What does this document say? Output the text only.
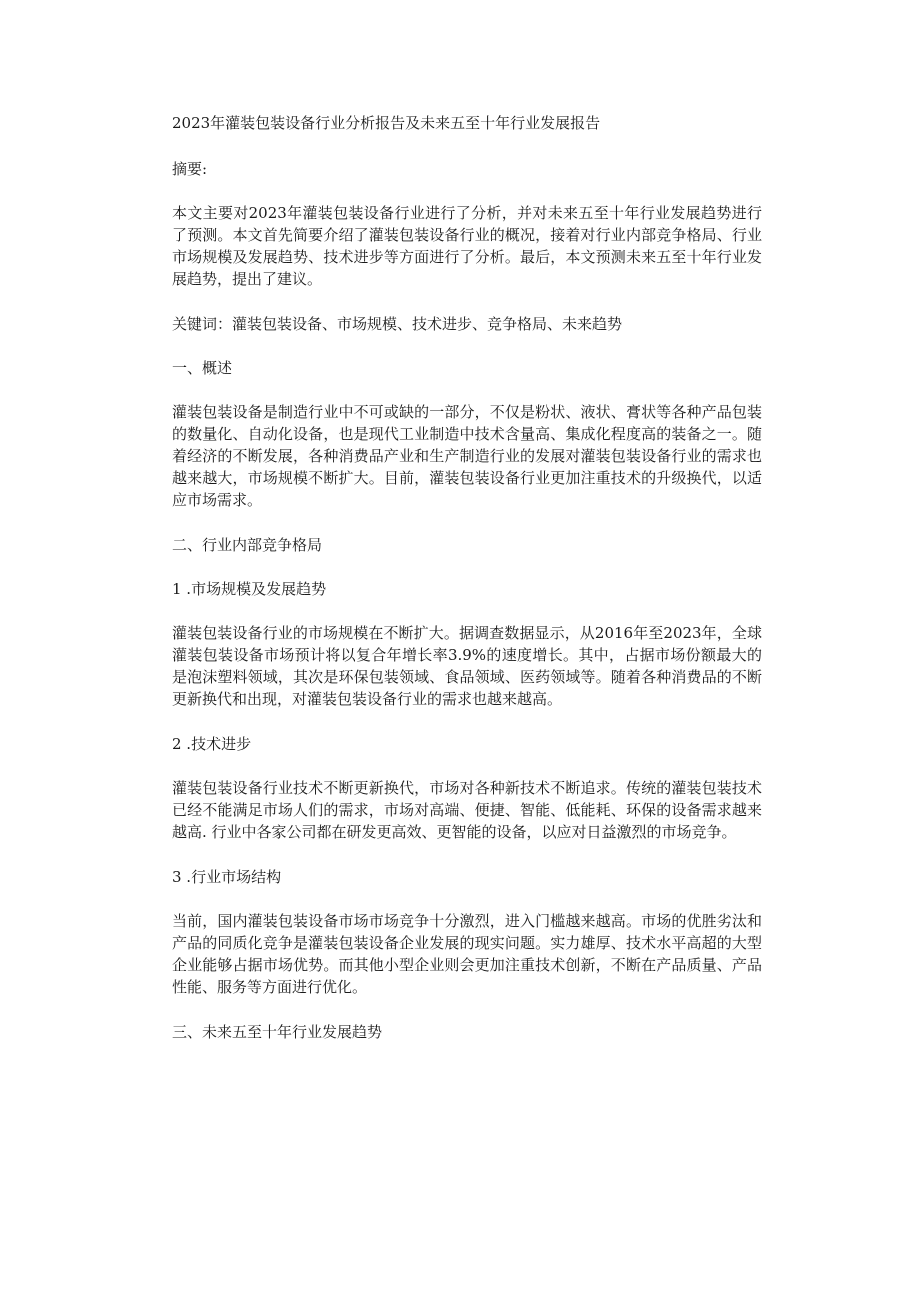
2023年灌装包装设备行业分析报告及未来五至十年行业发展报告

摘要:

本文主要对2023年灌装包装设备行业进行了分析，并对未来五至十年行业发展趋势进行了预测。本文首先简要介绍了灌装包装设备行业的概况，接着对行业内部竞争格局、行业市场规模及发展趋势、技术进步等方面进行了分析。最后，本文预测未来五至十年行业发展趋势，提出了建议。

关键词：灌装包装设备、市场规模、技术进步、竞争格局、未来趋势

一、概述

灌装包装设备是制造行业中不可或缺的一部分，不仅是粉状、液状、膏状等各种产品包装的数量化、自动化设备，也是现代工业制造中技术含量高、集成化程度高的装备之一。随着经济的不断发展，各种消费品产业和生产制造行业的发展对灌装包装设备行业的需求也越来越大，市场规模不断扩大。目前，灌装包装设备行业更加注重技术的升级换代，以适应市场需求。

二、行业内部竞争格局

1 .市场规模及发展趋势

灌装包装设备行业的市场规模在不断扩大。据调查数据显示，从2016年至2023年，全球灌装包装设备市场预计将以复合年增长率3.9%的速度增长。其中，占据市场份额最大的是泡沫塑料领域，其次是环保包装领域、食品领域、医药领域等。随着各种消费品的不断更新换代和出现，对灌装包装设备行业的需求也越来越高。

2 .技术进步

灌装包装设备行业技术不断更新换代，市场对各种新技术不断追求。传统的灌装包装技术已经不能满足市场人们的需求，市场对高端、便捷、智能、低能耗、环保的设备需求越来越高. 行业中各家公司都在研发更高效、更智能的设备，以应对日益激烈的市场竞争。

3 .行业市场结构

当前，国内灌装包装设备市场市场竞争十分激烈，进入门槛越来越高。市场的优胜劣汰和产品的同质化竞争是灌装包装设备企业发展的现实问题。实力雄厚、技术水平高超的大型企业能够占据市场优势。而其他小型企业则会更加注重技术创新，不断在产品质量、产品性能、服务等方面进行优化。

三、未来五至十年行业发展趋势
